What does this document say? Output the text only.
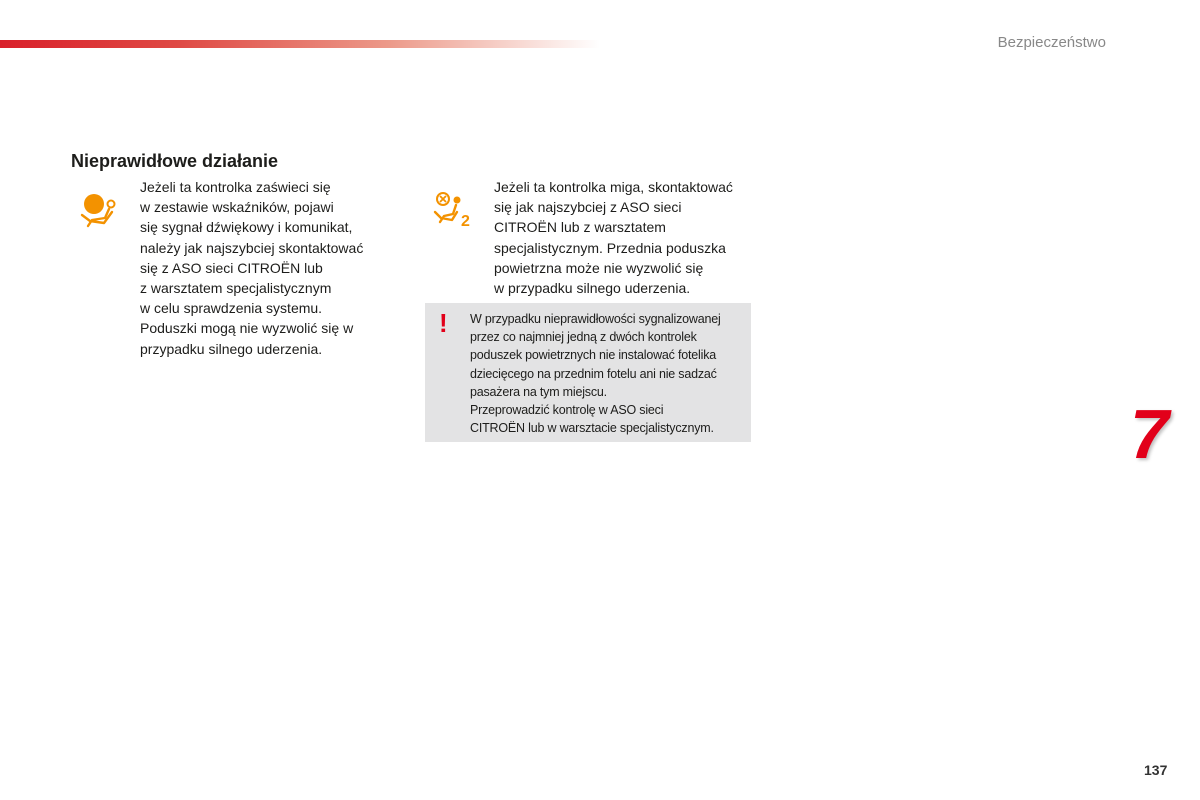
Bezpieczeństwo
Nieprawidłowe działanie

Jeżeli ta kontrolka zaświeci się
w zestawie wskaźników, pojawi
się sygnał dźwiękowy i komunikat,
należy jak najszybciej skontaktować
się z ASO sieci CITROËN lub
z warsztatem specjalistycznym
w celu sprawdzenia systemu.
Poduszki mogą nie wyzwolić się w
przypadku silnego uderzenia.

2

Jeżeli ta kontrolka miga, skontaktować
się jak najszybciej z ASO sieci
CITROËN lub z warsztatem
specjalistycznym. Przednia poduszka
powietrzna może nie wyzwolić się
w przypadku silnego uderzenia.

! W przypadku nieprawidłowości sygnalizowanej
przez co najmniej jedną z dwóch kontrolek
poduszek powietrznych nie instalować fotelika
dziecięcego na przednim fotelu ani nie sadzać
pasażera na tym miejscu.
Przeprowadzić kontrolę w ASO sieci
CITROËN lub w warsztacie specjalistycznym.	7
137
